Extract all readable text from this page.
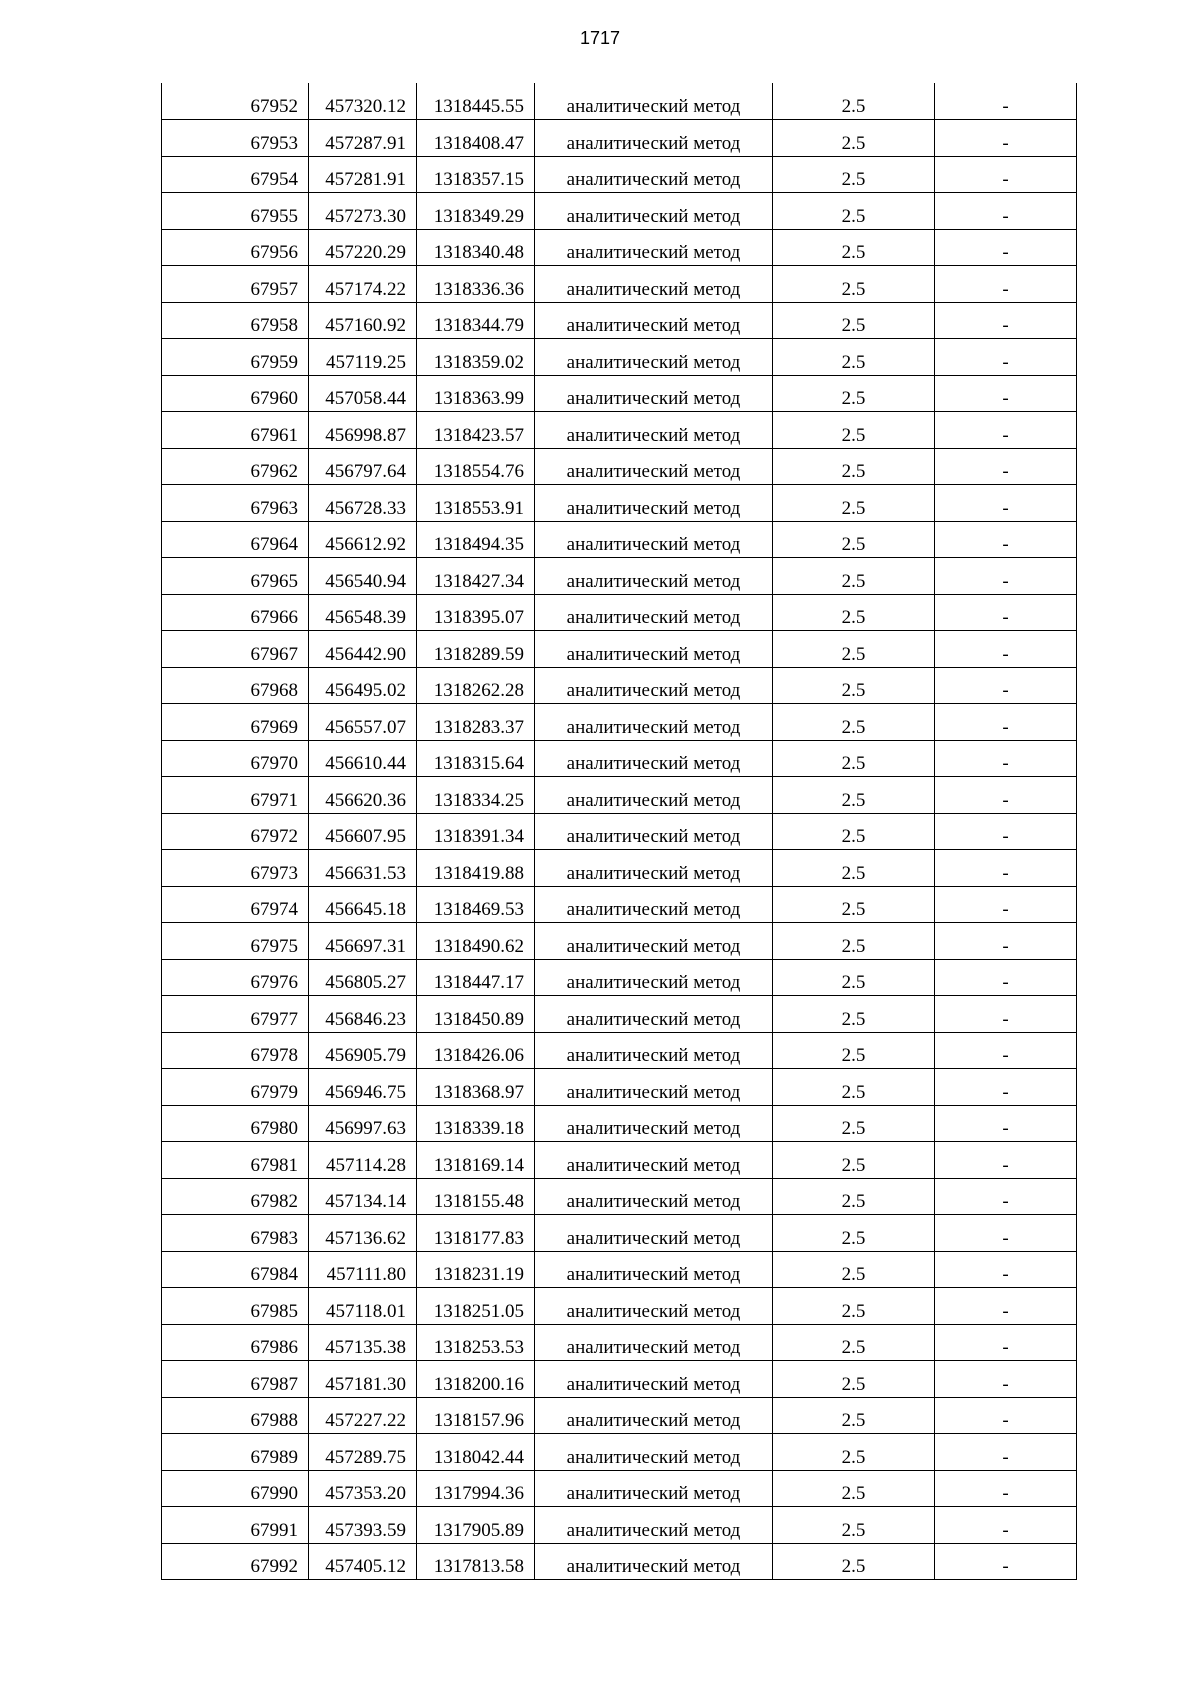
1717
67952	457320.12	1318445.55	аналитический метод	2.5	-
67953	457287.91	1318408.47	аналитический метод	2.5	-
67954	457281.91	1318357.15	аналитический метод	2.5	-
67955	457273.30	1318349.29	аналитический метод	2.5	-
67956	457220.29	1318340.48	аналитический метод	2.5	-
67957	457174.22	1318336.36	аналитический метод	2.5	-
67958	457160.92	1318344.79	аналитический метод	2.5	-
67959	457119.25	1318359.02	аналитический метод	2.5	-
67960	457058.44	1318363.99	аналитический метод	2.5	-
67961	456998.87	1318423.57	аналитический метод	2.5	-
67962	456797.64	1318554.76	аналитический метод	2.5	-
67963	456728.33	1318553.91	аналитический метод	2.5	-
67964	456612.92	1318494.35	аналитический метод	2.5	-
67965	456540.94	1318427.34	аналитический метод	2.5	-
67966	456548.39	1318395.07	аналитический метод	2.5	-
67967	456442.90	1318289.59	аналитический метод	2.5	-
67968	456495.02	1318262.28	аналитический метод	2.5	-
67969	456557.07	1318283.37	аналитический метод	2.5	-
67970	456610.44	1318315.64	аналитический метод	2.5	-
67971	456620.36	1318334.25	аналитический метод	2.5	-
67972	456607.95	1318391.34	аналитический метод	2.5	-
67973	456631.53	1318419.88	аналитический метод	2.5	-
67974	456645.18	1318469.53	аналитический метод	2.5	-
67975	456697.31	1318490.62	аналитический метод	2.5	-
67976	456805.27	1318447.17	аналитический метод	2.5	-
67977	456846.23	1318450.89	аналитический метод	2.5	-
67978	456905.79	1318426.06	аналитический метод	2.5	-
67979	456946.75	1318368.97	аналитический метод	2.5	-
67980	456997.63	1318339.18	аналитический метод	2.5	-
67981	457114.28	1318169.14	аналитический метод	2.5	-
67982	457134.14	1318155.48	аналитический метод	2.5	-
67983	457136.62	1318177.83	аналитический метод	2.5	-
67984	457111.80	1318231.19	аналитический метод	2.5	-
67985	457118.01	1318251.05	аналитический метод	2.5	-
67986	457135.38	1318253.53	аналитический метод	2.5	-
67987	457181.30	1318200.16	аналитический метод	2.5	-
67988	457227.22	1318157.96	аналитический метод	2.5	-
67989	457289.75	1318042.44	аналитический метод	2.5	-
67990	457353.20	1317994.36	аналитический метод	2.5	-
67991	457393.59	1317905.89	аналитический метод	2.5	-
67992	457405.12	1317813.58	аналитический метод	2.5	-
